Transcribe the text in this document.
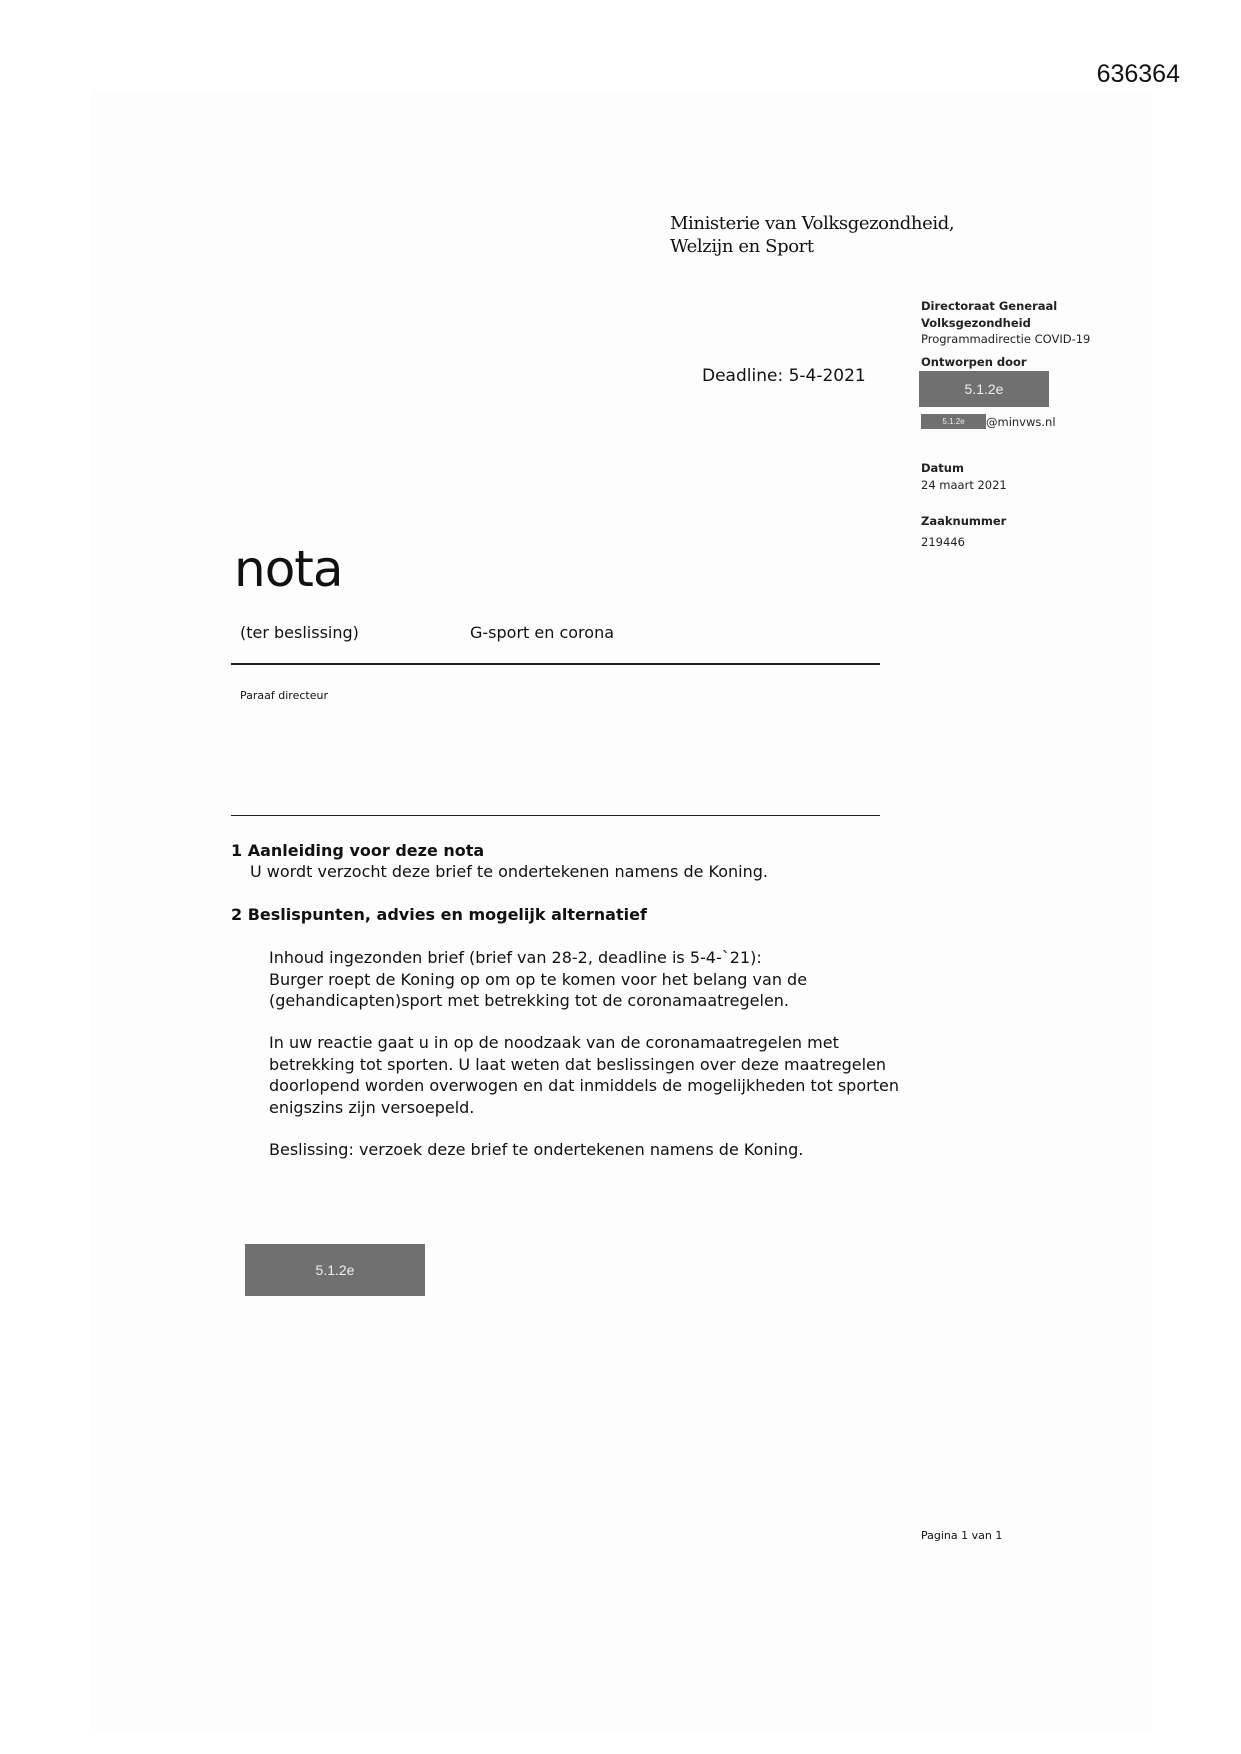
636364
Ministerie van Volksgezondheid,
Welzijn en Sport
Deadline: 5-4-2021
Directoraat Generaal
Volksgezondheid
Programmadirectie COVID-19
Ontworpen door
5.1.2e
5.1.2e	@minvws.nl
Datum
24 maart 2021
Zaaknummer
219446
nota
(ter beslissing)	G-sport en corona
Paraaf directeur
1 Aanleiding voor deze nota
U wordt verzocht deze brief te ondertekenen namens de Koning.
2 Beslispunten, advies en mogelijk alternatief
Inhoud ingezonden brief (brief van 28-2, deadline is 5-4-`21):
Burger roept de Koning op om op te komen voor het belang van de
(gehandicapten)sport met betrekking tot de coronamaatregelen.
In uw reactie gaat u in op de noodzaak van de coronamaatregelen met
betrekking tot sporten. U laat weten dat beslissingen over deze maatregelen
doorlopend worden overwogen en dat inmiddels de mogelijkheden tot sporten
enigszins zijn versoepeld.
Beslissing: verzoek deze brief te ondertekenen namens de Koning.
5.1.2e
Pagina 1 van 1
